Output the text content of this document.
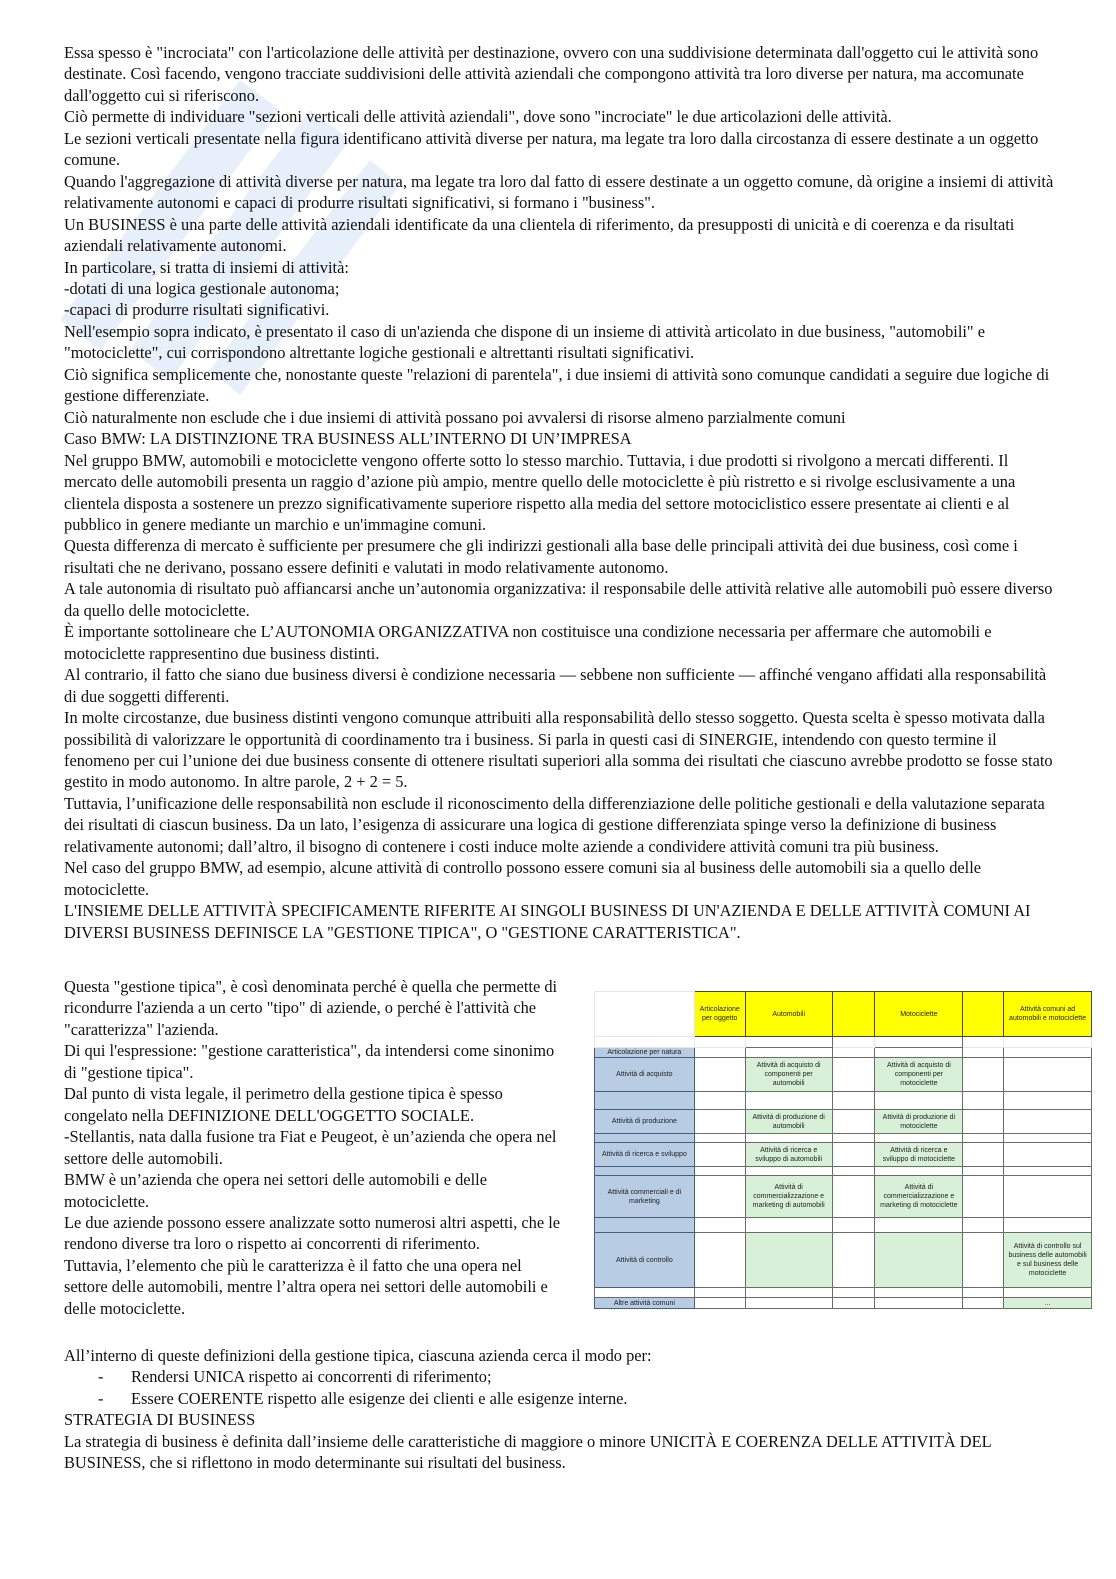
Essa spesso è "incrociata" con l'articolazione delle attività per destinazione, ovvero con una suddivisione determinata dall'oggetto cui le attività sono destinate. Così facendo, vengono tracciate suddivisioni delle attività aziendali che compongono attività tra loro diverse per natura, ma accomunate dall'oggetto cui si riferiscono.

Ciò permette di individuare "sezioni verticali delle attività aziendali", dove sono "incrociate" le due articolazioni delle attività.

Le sezioni verticali presentate nella figura identificano attività diverse per natura, ma legate tra loro dalla circostanza di essere destinate a un oggetto comune.

Quando l'aggregazione di attività diverse per natura, ma legate tra loro dal fatto di essere destinate a un oggetto comune, dà origine a insiemi di attività relativamente autonomi e capaci di produrre risultati significativi, si formano i "business".

Un BUSINESS è una parte delle attività aziendali identificate da una clientela di riferimento, da presupposti di unicità e di coerenza e da risultati aziendali relativamente autonomi.

In particolare, si tratta di insiemi di attività:

-dotati di una logica gestionale autonoma;

-capaci di produrre risultati significativi.

Nell'esempio sopra indicato, è presentato il caso di un'azienda che dispone di un insieme di attività articolato in due business, "automobili" e "motociclette", cui corrispondono altrettante logiche gestionali e altrettanti risultati significativi.

Ciò significa semplicemente che, nonostante queste "relazioni di parentela", i due insiemi di attività sono comunque candidati a seguire due logiche di gestione differenziate.

Ciò naturalmente non esclude che i due insiemi di attività possano poi avvalersi di risorse almeno parzialmente comuni

Caso BMW: LA DISTINZIONE TRA BUSINESS ALL’INTERNO DI UN’IMPRESA

Nel gruppo BMW, automobili e motociclette vengono offerte sotto lo stesso marchio. Tuttavia, i due prodotti si rivolgono a mercati differenti. Il mercato delle automobili presenta un raggio d’azione più ampio, mentre quello delle motociclette è più ristretto e si rivolge esclusivamente a una clientela disposta a sostenere un prezzo significativamente superiore rispetto alla media del settore motociclistico essere presentate ai clienti e al pubblico in genere mediante un marchio e un'immagine comuni.

Questa differenza di mercato è sufficiente per presumere che gli indirizzi gestionali alla base delle principali attività dei due business, così come i risultati che ne derivano, possano essere definiti e valutati in modo relativamente autonomo.

A tale autonomia di risultato può affiancarsi anche un’autonomia organizzativa: il responsabile delle attività relative alle automobili può essere diverso da quello delle motociclette.

È importante sottolineare che L’AUTONOMIA ORGANIZZATIVA non costituisce una condizione necessaria per affermare che automobili e motociclette rappresentino due business distinti.

Al contrario, il fatto che siano due business diversi è condizione necessaria — sebbene non sufficiente — affinché vengano affidati alla responsabilità di due soggetti differenti.

In molte circostanze, due business distinti vengono comunque attribuiti alla responsabilità dello stesso soggetto. Questa scelta è spesso motivata dalla possibilità di valorizzare le opportunità di coordinamento tra i business. Si parla in questi casi di SINERGIE, intendendo con questo termine il fenomeno per cui l’unione dei due business consente di ottenere risultati superiori alla somma dei risultati che ciascuno avrebbe prodotto se fosse stato gestito in modo autonomo. In altre parole, 2 + 2 = 5.

Tuttavia, l’unificazione delle responsabilità non esclude il riconoscimento della differenziazione delle politiche gestionali e della valutazione separata dei risultati di ciascun business. Da un lato, l’esigenza di assicurare una logica di gestione differenziata spinge verso la definizione di business relativamente autonomi; dall’altro, il bisogno di contenere i costi induce molte aziende a condividere attività comuni tra più business.

Nel caso del gruppo BMW, ad esempio, alcune attività di controllo possono essere comuni sia al business delle automobili sia a quello delle motociclette.

L'INSIEME DELLE ATTIVITÀ SPECIFICAMENTE RIFERITE AI SINGOLI BUSINESS DI UN'AZIENDA E DELLE ATTIVITÀ COMUNI AI DIVERSI BUSINESS DEFINISCE LA "GESTIONE TIPICA", O "GESTIONE CARATTERISTICA".

Questa "gestione tipica", è così denominata perché è quella che permette di ricondurre l'azienda a un certo "tipo" di aziende, o perché è l'attività che "caratterizza" l'azienda.

Di qui l'espressione: "gestione caratteristica", da intendersi come sinonimo di "gestione tipica".

Dal punto di vista legale, il perimetro della gestione tipica è spesso congelato nella DEFINIZIONE DELL'OGGETTO SOCIALE.

-Stellantis, nata dalla fusione tra Fiat e Peugeot, è un’azienda che opera nel settore delle automobili.

BMW è un’azienda che opera nei settori delle automobili e delle motociclette.

Le due aziende possono essere analizzate sotto numerosi altri aspetti, che le rendono diverse tra loro o rispetto ai concorrenti di riferimento.

Tuttavia, l’elemento che più le caratterizza è il fatto che una opera nel settore delle automobili, mentre l’altra opera nei settori delle automobili e delle motociclette.

All’interno di queste definizioni della gestione tipica, ciascuna azienda cerca il modo per:

- Rendersi UNICA rispetto ai concorrenti di riferimento;

- Essere COERENTE rispetto alle esigenze dei clienti e alle esigenze interne.

STRATEGIA DI BUSINESS

La strategia di business è definita dall’insieme delle caratteristiche di maggiore o minore UNICITÀ E COERENZA DELLE ATTIVITÀ DEL BUSINESS, che si riflettono in modo determinante sui risultati del business.

	Articolazione per oggetto	Automobili		Motociclette		Attività comuni ad automobili e motociclette

Articolazione per natura						
Attività di acquisto		Attività di acquisto di componenti per automobili		Attività di acquisto di componenti per motociclette		

Attività di produzione		Attività di produzione di automobili		Attività di produzione di motociclette		

Attività di ricerca e sviluppo		Attività di ricerca e sviluppo di automobili		Attività di ricerca e sviluppo di motociclette		

Attività commerciali e di marketing		Attività di commercializzazione e marketing di automobili		Attività di commercializzazione e marketing di motociclette		

Attività di controllo						Attività di controllo sul business delle automobili e sul business delle motociclette

Altre attività comuni						...
